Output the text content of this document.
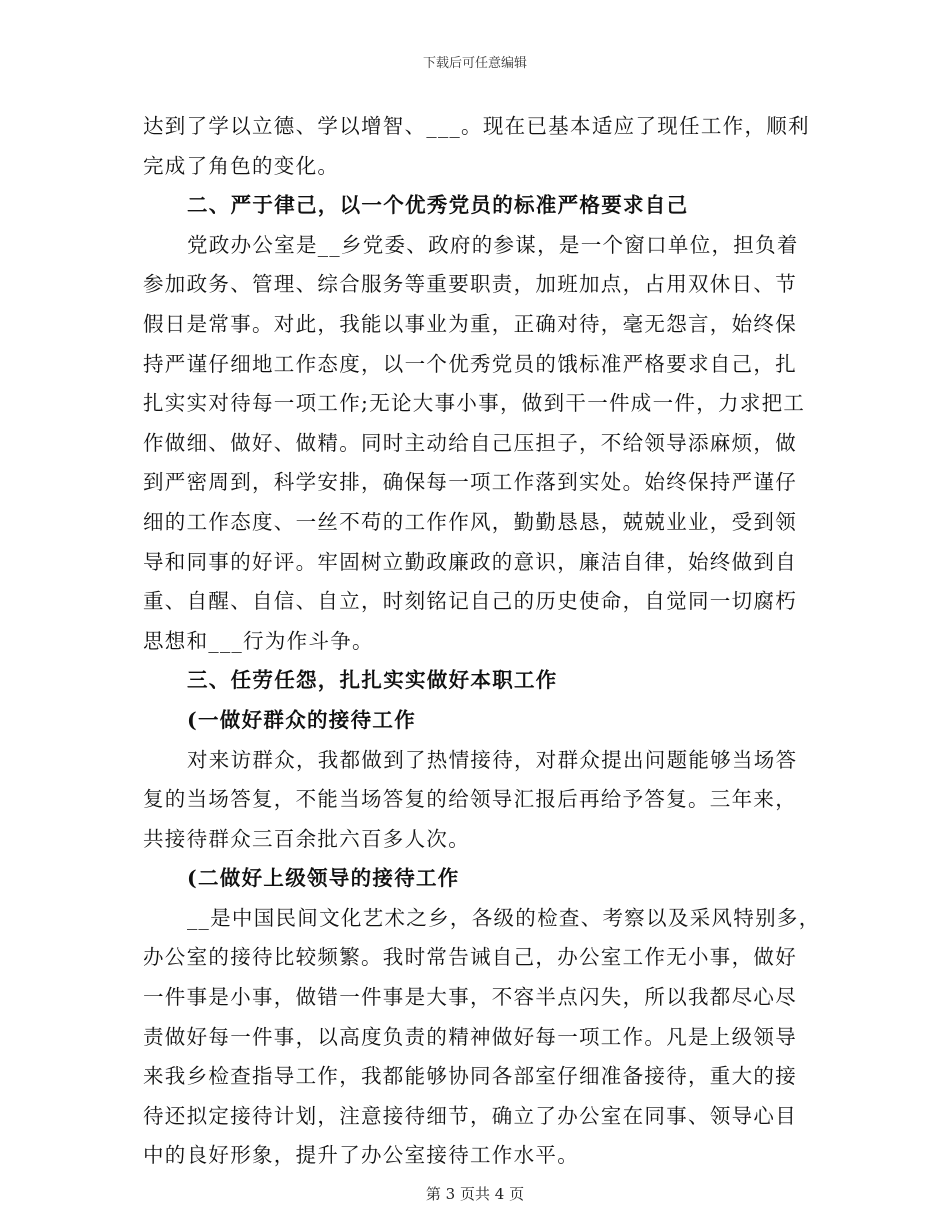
下载后可任意编辑
达到了学以立德、学以增智、___。现在已基本适应了现任工作，顺利
完成了角色的变化。
二、严于律己，以一个优秀党员的标准严格要求自己
党政办公室是__乡党委、政府的参谋，是一个窗口单位，担负着
参加政务、管理、综合服务等重要职责，加班加点，占用双休日、节
假日是常事。对此，我能以事业为重，正确对待，毫无怨言，始终保
持严谨仔细地工作态度，以一个优秀党员的饿标准严格要求自己，扎
扎实实对待每一项工作;无论大事小事，做到干一件成一件，力求把工
作做细、做好、做精。同时主动给自己压担子，不给领导添麻烦，做
到严密周到，科学安排，确保每一项工作落到实处。始终保持严谨仔
细的工作态度、一丝不苟的工作作风，勤勤恳恳，兢兢业业，受到领
导和同事的好评。牢固树立勤政廉政的意识，廉洁自律，始终做到自
重、自醒、自信、自立，时刻铭记自己的历史使命，自觉同一切腐朽
思想和___行为作斗争。
三、任劳任怨，扎扎实实做好本职工作
(一做好群众的接待工作
对来访群众，我都做到了热情接待，对群众提出问题能够当场答
复的当场答复，不能当场答复的给领导汇报后再给予答复。三年来，
共接待群众三百余批六百多人次。
(二做好上级领导的接待工作
__是中国民间文化艺术之乡，各级的检查、考察以及采风特别多，
办公室的接待比较频繁。我时常告诫自己，办公室工作无小事，做好
一件事是小事，做错一件事是大事，不容半点闪失，所以我都尽心尽
责做好每一件事，以高度负责的精神做好每一项工作。凡是上级领导
来我乡检查指导工作，我都能够协同各部室仔细准备接待，重大的接
待还拟定接待计划，注意接待细节，确立了办公室在同事、领导心目
中的良好形象，提升了办公室接待工作水平。
第 3 页共 4 页
